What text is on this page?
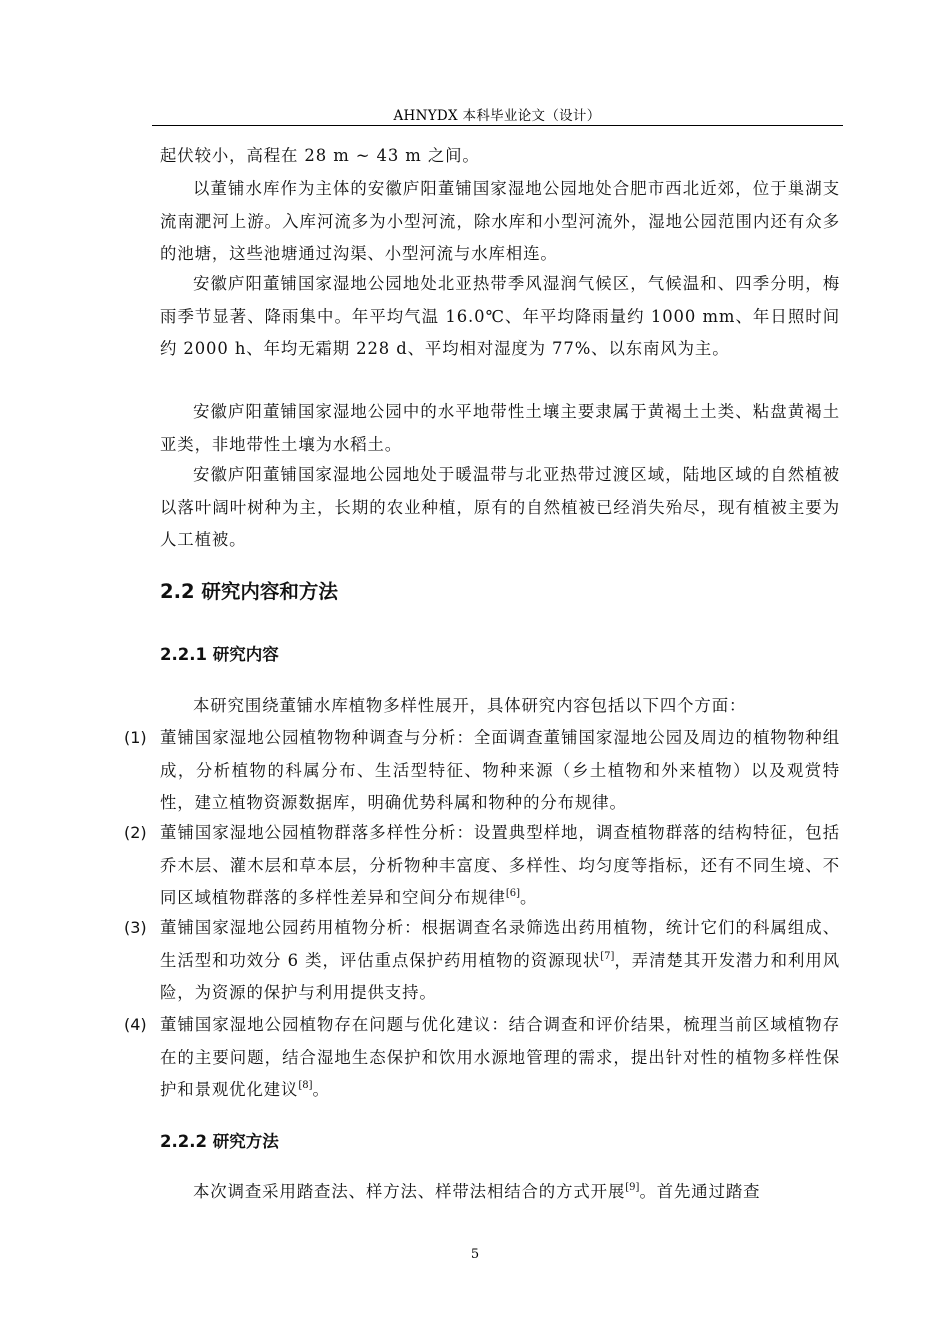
AHNYDX 本科毕业论文（设计）

起伏较小，高程在 28 m ~ 43 m 之间。

以董铺水库作为主体的安徽庐阳董铺国家湿地公园地处合肥市西北近郊，位于巢湖支流南淝河上游。入库河流多为小型河流，除水库和小型河流外，湿地公园范围内还有众多的池塘，这些池塘通过沟渠、小型河流与水库相连。

安徽庐阳董铺国家湿地公园地处北亚热带季风湿润气候区，气候温和、四季分明，梅雨季节显著、降雨集中。年平均气温 16.0℃、年平均降雨量约 1000 mm、年日照时间约 2000 h、年均无霜期 228 d、平均相对湿度为 77%、以东南风为主。

安徽庐阳董铺国家湿地公园中的水平地带性土壤主要隶属于黄褐土土类、粘盘黄褐土亚类，非地带性土壤为水稻土。

安徽庐阳董铺国家湿地公园地处于暖温带与北亚热带过渡区域，陆地区域的自然植被以落叶阔叶树种为主，长期的农业种植，原有的自然植被已经消失殆尽，现有植被主要为人工植被。

2.2 研究内容和方法
2.2.1 研究内容

本研究围绕董铺水库植物多样性展开，具体研究内容包括以下四个方面：

(1) 董铺国家湿地公园植物物种调查与分析：全面调查董铺国家湿地公园及周边的植物物种组成，分析植物的科属分布、生活型特征、物种来源（乡土植物和外来植物）以及观赏特性，建立植物资源数据库，明确优势科属和物种的分布规律。
(2) 董铺国家湿地公园植物群落多样性分析：设置典型样地，调查植物群落的结构特征，包括乔木层、灌木层和草本层，分析物种丰富度、多样性、均匀度等指标，还有不同生境、不同区域植物群落的多样性差异和空间分布规律[6]。
(3) 董铺国家湿地公园药用植物分析：根据调查名录筛选出药用植物，统计它们的科属组成、生活型和功效分 6 类，评估重点保护药用植物的资源现状[7]，弄清楚其开发潜力和利用风险，为资源的保护与利用提供支持。
(4) 董铺国家湿地公园植物存在问题与优化建议：结合调查和评价结果，梳理当前区域植物存在的主要问题，结合湿地生态保护和饮用水源地管理的需求，提出针对性的植物多样性保护和景观优化建议[8]。
2.2.2 研究方法

本次调查采用踏查法、样方法、样带法相结合的方式开展[9]。首先通过踏查

5
